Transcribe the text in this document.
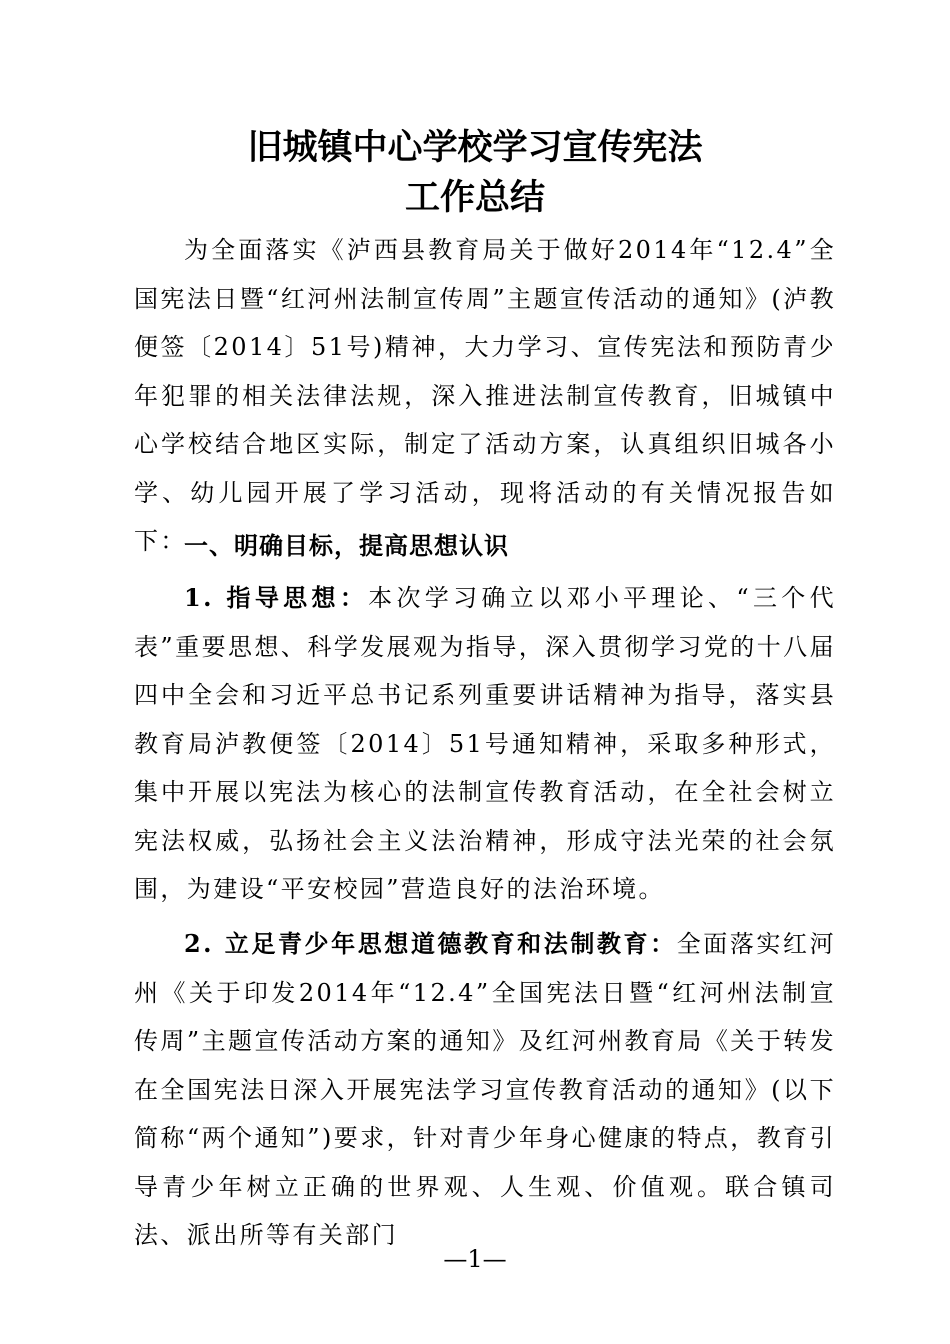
旧城镇中心学校学习宣传宪法
工作总结

为全面落实《泸西县教育局关于做好2014年“12.4”全国宪法日暨“红河州法制宣传周”主题宣传活动的通知》(泸教便签〔2014〕51号)精神，大力学习、宣传宪法和预防青少年犯罪的相关法律法规，深入推进法制宣传教育，旧城镇中心学校结合地区实际，制定了活动方案，认真组织旧城各小学、幼儿园开展了学习活动，现将活动的有关情况报告如下：

一、明确目标，提高思想认识

1. 指导思想：本次学习确立以邓小平理论、“三个代表”重要思想、科学发展观为指导，深入贯彻学习党的十八届四中全会和习近平总书记系列重要讲话精神为指导，落实县教育局泸教便签〔2014〕51号通知精神，采取多种形式，集中开展以宪法为核心的法制宣传教育活动，在全社会树立宪法权威，弘扬社会主义法治精神，形成守法光荣的社会氛围，为建设“平安校园”营造良好的法治环境。

2. 立足青少年思想道德教育和法制教育：全面落实红河州《关于印发2014年“12.4”全国宪法日暨“红河州法制宣传周”主题宣传活动方案的通知》及红河州教育局《关于转发在全国宪法日深入开展宪法学习宣传教育活动的通知》(以下简称“两个通知”)要求，针对青少年身心健康的特点，教育引导青少年树立正确的世界观、人生观、价值观。联合镇司法、派出所等有关部门

—1—
